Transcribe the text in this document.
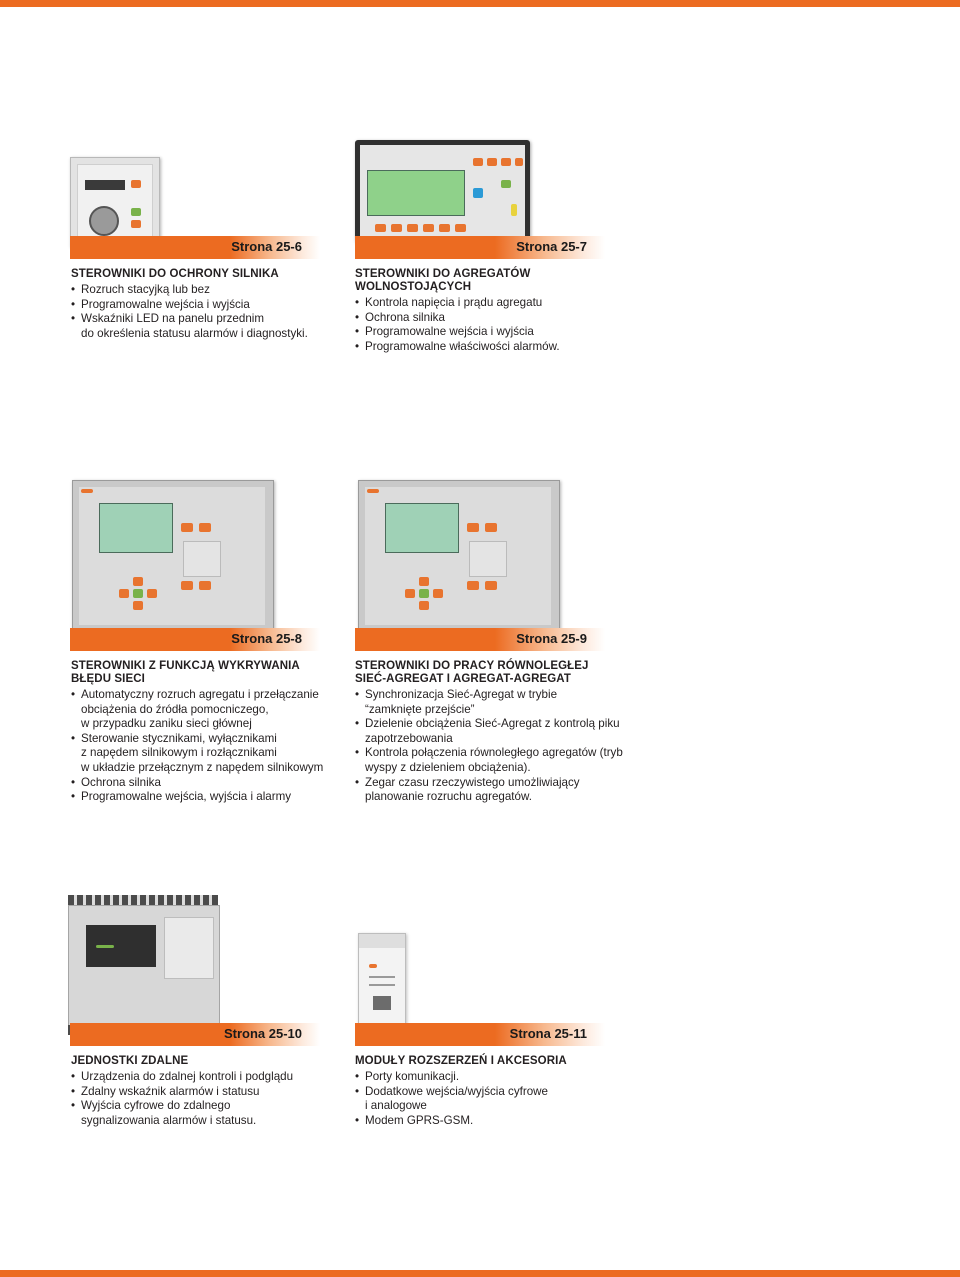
Strona 25-6
STEROWNIKI DO OCHRONY SILNIKA
• Rozruch stacyjką lub bez
• Programowalne wejścia i wyjścia
• Wskaźniki LED na panelu przednim
do określenia statusu alarmów i diagnostyki.
Strona 25-7
STEROWNIKI DO AGREGATÓW WOLNOSTOJĄCYCH
• Kontrola napięcia i prądu agregatu
• Ochrona silnika
• Programowalne wejścia i wyjścia
• Programowalne właściwości alarmów.
Strona 25-8
STEROWNIKI Z FUNKCJĄ WYKRYWANIA
BŁĘDU SIECI
• Automatyczny rozruch agregatu i przełączanie
obciążenia do źródła pomocniczego,
w przypadku zaniku sieci głównej
• Sterowanie stycznikami, wyłącznikami
z napędem silnikowym i rozłącznikami
w układzie przełącznym z napędem silnikowym
• Ochrona silnika
• Programowalne wejścia, wyjścia i alarmy
Strona 25-9
STEROWNIKI DO PRACY RÓWNOLEGŁEJ
SIEĆ-AGREGAT I AGREGAT-AGREGAT
• Synchronizacja Sieć-Agregat w trybie
“zamknięte przejście”
• Dzielenie obciążenia Sieć-Agregat z kontrolą piku
zapotrzebowania
• Kontrola połączenia równoległego agregatów (tryb
wyspy z dzieleniem obciążenia).
• Zegar czasu rzeczywistego umożliwiający
planowanie rozruchu agregatów.
Strona 25-10
JEDNOSTKI ZDALNE
• Urządzenia do zdalnej kontroli i podglądu
• Zdalny wskaźnik alarmów i statusu
• Wyjścia cyfrowe do zdalnego
sygnalizowania alarmów i statusu.
Strona 25-11
MODUŁY ROZSZERZEŃ I AKCESORIA
• Porty komunikacji.
• Dodatkowe wejścia/wyjścia cyfrowe
i analogowe
• Modem GPRS-GSM.
